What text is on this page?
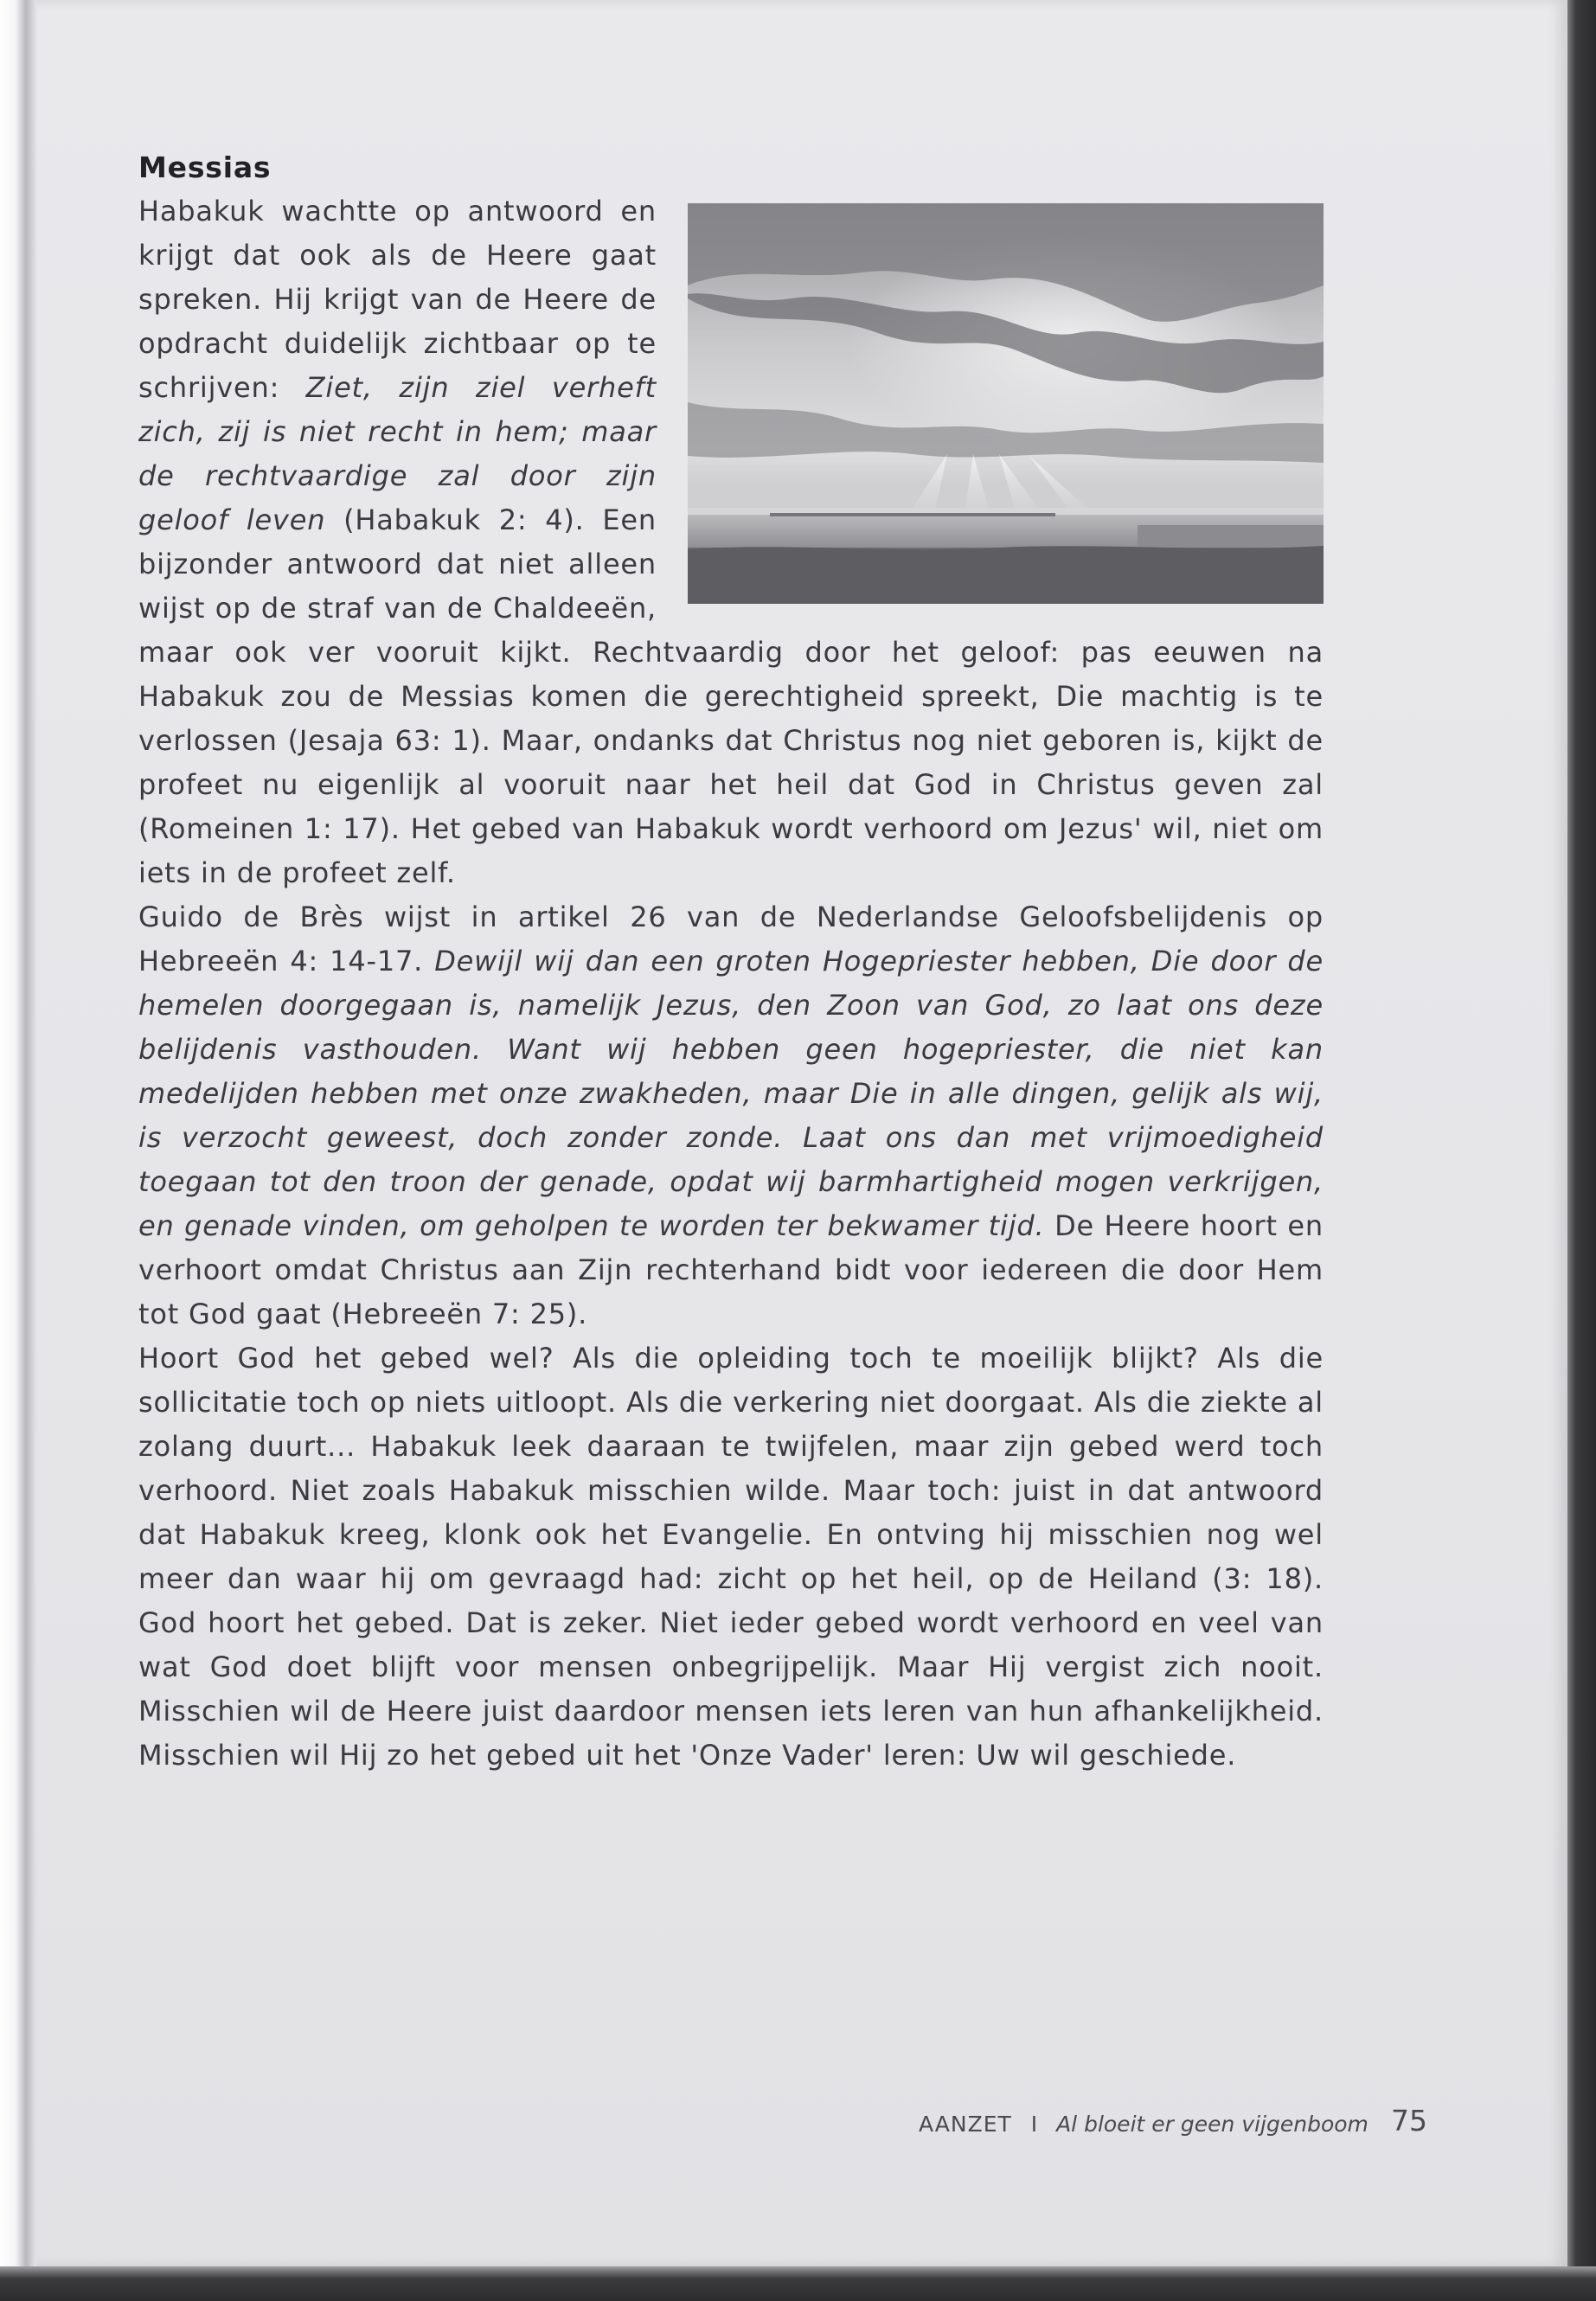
Messias

Habakuk wachtte op antwoord en krijgt dat ook als de Heere gaat spreken. Hij krijgt van de Heere de opdracht duidelijk zichtbaar op te schrijven: Ziet, zijn ziel verheft zich, zij is niet recht in hem; maar de rechtvaardige zal door zijn geloof leven (Habakuk 2: 4). Een bijzonder antwoord dat niet alleen wijst op de straf van de Chaldeeën, maar ook ver vooruit kijkt. Rechtvaardig door het geloof: pas eeuwen na Habakuk zou de Messias komen die gerechtigheid spreekt, Die machtig is te verlossen (Jesaja 63: 1). Maar, ondanks dat Christus nog niet geboren is, kijkt de profeet nu eigenlijk al vooruit naar het heil dat God in Christus geven zal (Romeinen 1: 17). Het gebed van Habakuk wordt verhoord om Jezus' wil, niet om iets in de profeet zelf.

Guido de Brès wijst in artikel 26 van de Nederlandse Geloofsbelijdenis op Hebreeën 4: 14-17. Dewijl wij dan een groten Hogepriester hebben, Die door de hemelen doorgegaan is, namelijk Jezus, den Zoon van God, zo laat ons deze belijdenis vasthouden. Want wij hebben geen hogepriester, die niet kan medelijden hebben met onze zwakheden, maar Die in alle dingen, gelijk als wij, is verzocht geweest, doch zonder zonde. Laat ons dan met vrijmoedigheid toegaan tot den troon der genade, opdat wij barmhartigheid mogen verkrijgen, en genade vinden, om geholpen te worden ter bekwamer tijd. De Heere hoort en verhoort omdat Christus aan Zijn rechterhand bidt voor iedereen die door Hem tot God gaat (Hebreeën 7: 25).

Hoort God het gebed wel? Als die opleiding toch te moeilijk blijkt? Als die sollicitatie toch op niets uitloopt. Als die verkering niet doorgaat. Als die ziekte al zolang duurt... Habakuk leek daaraan te twijfelen, maar zijn gebed werd toch verhoord. Niet zoals Habakuk misschien wilde. Maar toch: juist in dat antwoord dat Habakuk kreeg, klonk ook het Evangelie. En ontving hij misschien nog wel meer dan waar hij om gevraagd had: zicht op het heil, op de Heiland (3: 18). God hoort het gebed. Dat is zeker. Niet ieder gebed wordt verhoord en veel van wat God doet blijft voor mensen onbegrijpelijk. Maar Hij vergist zich nooit. Misschien wil de Heere juist daardoor mensen iets leren van hun afhankelijkheid. Misschien wil Hij zo het gebed uit het 'Onze Vader' leren: Uw wil geschiede.

AANZET I Al bloeit er geen vijgenboom 75
